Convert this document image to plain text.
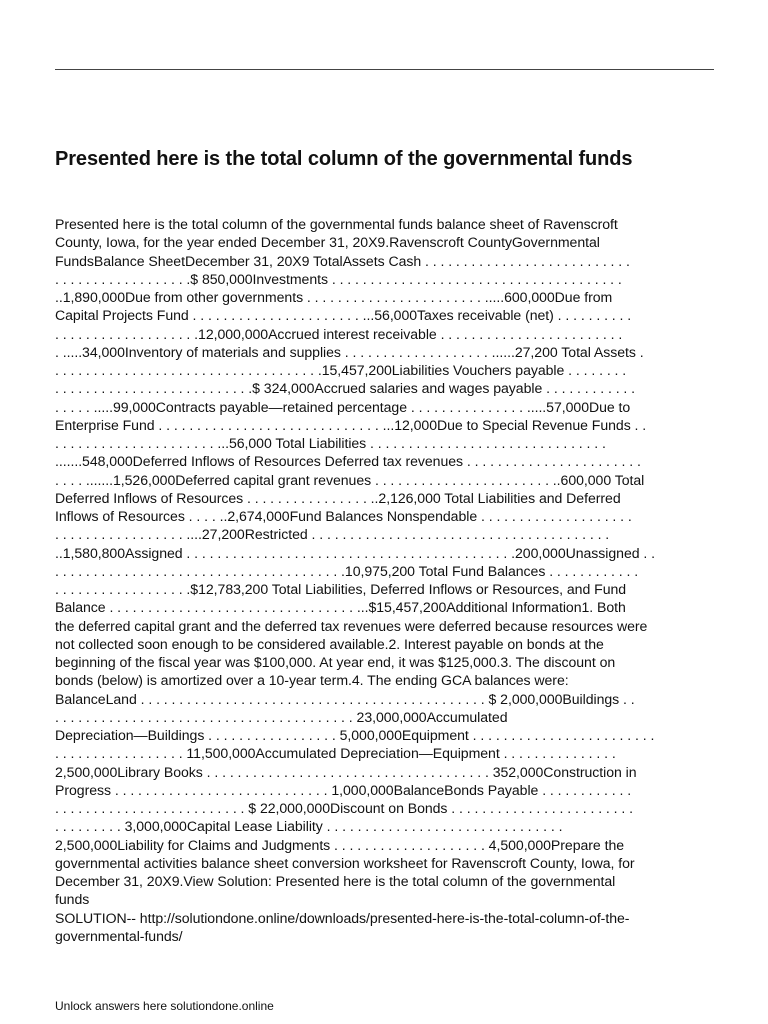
Presented here is the total column of the governmental funds
Presented here is the total column of the governmental funds balance sheet of Ravenscroft
County, Iowa, for the year ended December 31, 20X9.Ravenscroft CountyGovernmental
FundsBalance SheetDecember 31, 20X9 TotalAssets Cash . . . . . . . . . . . . . . . . . . . . . . . . . . .
. . . . . . . . . . . . . . . . . .$ 850,000Investments . . . . . . . . . . . . . . . . . . . . . . . . . . . . . . . . . . . . . .
..1,890,000Due from other governments . . . . . . . . . . . . . . . . . . . . . . . .....600,000Due from
Capital Projects Fund . . . . . . . . . . . . . . . . . . . . . . ...56,000Taxes receivable (net) . . . . . . . . . .
. . . . . . . . . . . . . . . . . . .12,000,000Accrued interest receivable . . . . . . . . . . . . . . . . . . . . . . . .
. .....34,000Inventory of materials and supplies . . . . . . . . . . . . . . . . . . . ......27,200 Total Assets .
. . . . . . . . . . . . . . . . . . . . . . . . . . . . . . . . . . .15,457,200Liabilities Vouchers payable . . . . . . . .
. . . . . . . . . . . . . . . . . . . . . . . . . .$ 324,000Accrued salaries and wages payable . . . . . . . . . . . .
. . . . . .....99,000Contracts payable—retained percentage . . . . . . . . . . . . . . . .....57,000Due to
Enterprise Fund . . . . . . . . . . . . . . . . . . . . . . . . . . . . . ...12,000Due to Special Revenue Funds . .
. . . . . . . . . . . . . . . . . . . . . ...56,000 Total Liabilities . . . . . . . . . . . . . . . . . . . . . . . . . . . . . . .
.......548,000Deferred Inflows of Resources Deferred tax revenues . . . . . . . . . . . . . . . . . . . . . . .
. . . . .......1,526,000Deferred capital grant revenues . . . . . . . . . . . . . . . . . . . . . . . ..600,000 Total
Deferred Inflows of Resources . . . . . . . . . . . . . . . . ..2,126,000 Total Liabilities and Deferred
Inflows of Resources . . . . ..2,674,000Fund Balances Nonspendable . . . . . . . . . . . . . . . . . . . .
. . . . . . . . . . . . . . . . . ....27,200Restricted . . . . . . . . . . . . . . . . . . . . . . . . . . . . . . . . . . . . . . .
..1,580,800Assigned . . . . . . . . . . . . . . . . . . . . . . . . . . . . . . . . . . . . . . . . . . .200,000Unassigned . .
. . . . . . . . . . . . . . . . . . . . . . . . . . . . . . . . . . . . . .10,975,200 Total Fund Balances . . . . . . . . . . . .
. . . . . . . . . . . . . . . . . .$12,783,200 Total Liabilities, Deferred Inflows or Resources, and Fund
Balance . . . . . . . . . . . . . . . . . . . . . . . . . . . . . . . . ...$15,457,200Additional Information1. Both
the deferred capital grant and the deferred tax revenues were deferred because resources were
not collected soon enough to be considered available.2. Interest payable on bonds at the
beginning of the fiscal year was $100,000. At year end, it was $125,000.3. The discount on
bonds (below) is amortized over a 10-year term.4. The ending GCA balances were:
BalanceLand . . . . . . . . . . . . . . . . . . . . . . . . . . . . . . . . . . . . . . . . . . . . . $ 2,000,000Buildings . .
. . . . . . . . . . . . . . . . . . . . . . . . . . . . . . . . . . . . . . . 23,000,000Accumulated
Depreciation—Buildings . . . . . . . . . . . . . . . . . 5,000,000Equipment . . . . . . . . . . . . . . . . . . . . . . . .
. . . . . . . . . . . . . . . . . 11,500,000Accumulated Depreciation—Equipment . . . . . . . . . . . . . . .
2,500,000Library Books . . . . . . . . . . . . . . . . . . . . . . . . . . . . . . . . . . . . . 352,000Construction in
Progress . . . . . . . . . . . . . . . . . . . . . . . . . . . . 1,000,000BalanceBonds Payable . . . . . . . . . . . .
. . . . . . . . . . . . . . . . . . . . . . . . . $ 22,000,000Discount on Bonds . . . . . . . . . . . . . . . . . . . . . . . .
. . . . . . . . . 3,000,000Capital Lease Liability . . . . . . . . . . . . . . . . . . . . . . . . . . . . . . .
2,500,000Liability for Claims and Judgments . . . . . . . . . . . . . . . . . . . . 4,500,000Prepare the
governmental activities balance sheet conversion worksheet for Ravenscroft County, Iowa, for
December 31, 20X9.View Solution: Presented here is the total column of the governmental
funds
SOLUTION-- http://solutiondone.online/downloads/presented-here-is-the-total-column-of-the-
governmental-funds/
Unlock answers here solutiondone.online
